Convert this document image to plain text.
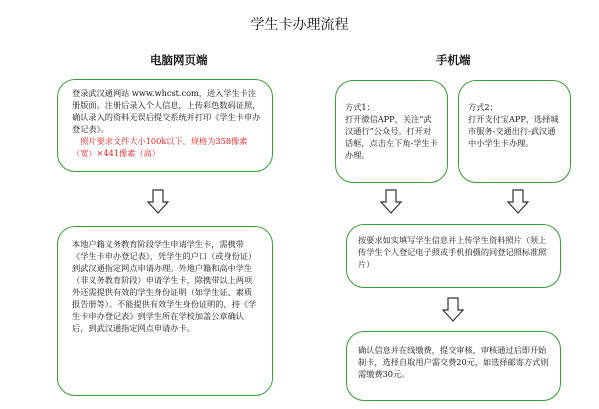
学生卡办理流程
电脑网页端	手机端
登录武汉通网站 www.whcst.com，进入学生卡注册版面。注册后录入个人信息，上传彩色数码证照，确认录入的资料无误后提交系统并打印《学生卡申办登记表》。
照片要求文件大小100k以下，规格为358像素（宽）×441像素（高）
本地户籍义务教育阶段学生申请学生卡，需携带《学生卡申办登记表》，凭学生的户口（或身份证）到武汉通指定网点申请办理。外地户籍和高中学生（非义务教育阶段）申请学生卡，除携带以上两项外还需提供有效的学生身份证明（如学生证、素质报告册等）。不能提供有效学生身份证明的，持《学生卡申办登记表》到学生所在学校加盖公章确认后，到武汉通指定网点申请办卡。

方式1：
打开微信APP，关注“武汉通行”公众号。打开对话框，点击左下角-学生卡办理。

方式2：
打开支付宝APP，选择城市服务-交通出行-武汉通中小学生卡办理。

按要求如实填写学生信息并上传学生资料照片（须上传学生个人登记电子照或手机拍摄的同登记照标准照片）
确认信息并在线缴费，提交审核，审核通过后即开始制卡，选择自取用户需交费20元，如选择邮寄方式则需缴费30元。
